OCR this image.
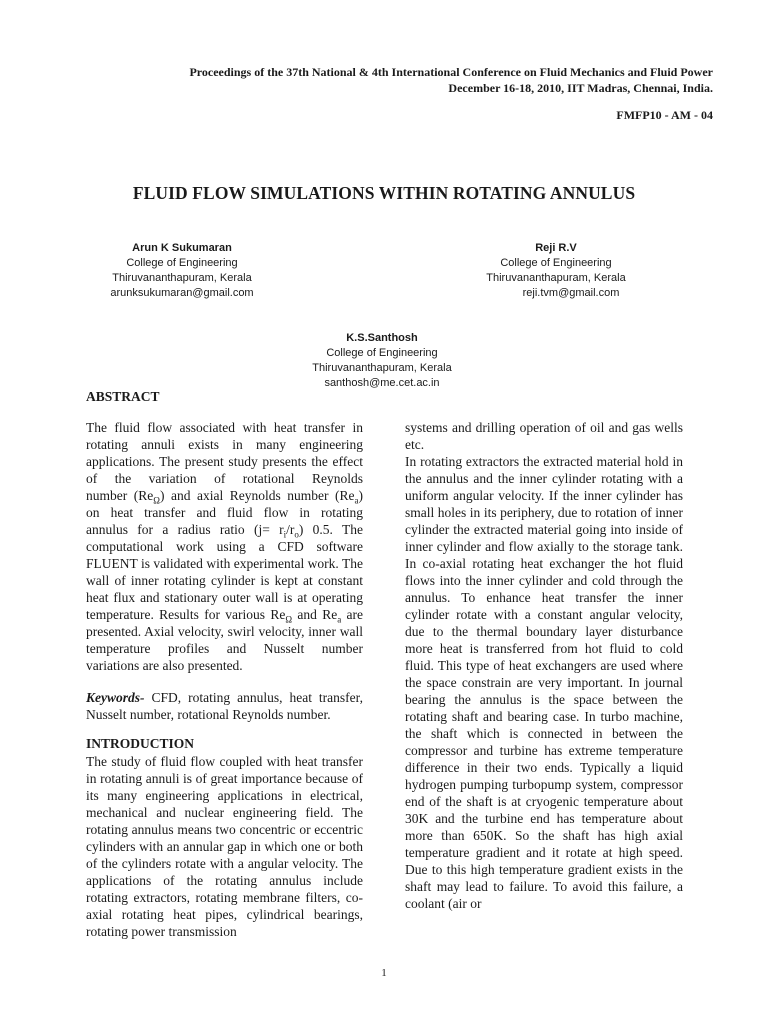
Proceedings of the 37th National & 4th International Conference on Fluid Mechanics and Fluid Power
December 16-18, 2010, IIT Madras, Chennai, India.
FMFP10 - AM - 04
FLUID FLOW SIMULATIONS WITHIN ROTATING ANNULUS
Arun K Sukumaran
College of Engineering
Thiruvananthapuram, Kerala
arunksukumaran@gmail.com
Reji R.V
College of Engineering
Thiruvananthapuram, Kerala
reji.tvm@gmail.com
K.S.Santhosh
College of Engineering
Thiruvananthapuram, Kerala
santhosh@me.cet.ac.in
ABSTRACT
The fluid flow associated with heat transfer in rotating annuli exists in many engineering applications. The present study presents the effect of the variation of rotational Reynolds
number $(Re_\Omega)$ and axial Reynolds number $(Re_a)$
on heat transfer and fluid flow in rotating
annulus for a radius ratio $(j= r_i/r_o)$ 0.5. The computational work using a CFD software FLUENT is validated with experimental work. The wall of inner rotating cylinder is kept at constant heat flux and stationary outer wall is at operating temperature. Results for various $Re_\Omega$ and $Re_a$ are presented. Axial velocity, swirl velocity, inner wall temperature profiles and Nusselt number variations are also presented.
Keywords- CFD, rotating annulus, heat transfer, Nusselt number, rotational Reynolds number.
INTRODUCTION
The study of fluid flow coupled with heat transfer in rotating annuli is of great importance because of its many engineering applications in electrical, mechanical and nuclear engineering field. The rotating annulus means two concentric or eccentric cylinders with an annular gap in which one or both of the cylinders rotate with a angular velocity. The applications of the rotating annulus include rotating extractors, rotating membrane filters, co-axial rotating heat pipes, cylindrical bearings, rotating power transmission
systems and drilling operation of oil and gas wells etc.
In rotating extractors the extracted material hold in the annulus and the inner cylinder rotating with a uniform angular velocity. If the inner cylinder has small holes in its periphery, due to rotation of inner cylinder the extracted material going into inside of inner cylinder and flow axially to the storage tank. In co-axial rotating heat exchanger the hot fluid flows into the inner cylinder and cold through the annulus. To enhance heat transfer the inner cylinder rotate with a constant angular velocity, due to the thermal boundary layer disturbance more heat is transferred from hot fluid to cold fluid. This type of heat exchangers are used where the space constrain are very important. In journal bearing the annulus is the space between the rotating shaft and bearing case. In turbo machine, the shaft which is connected in between the compressor and turbine has extreme temperature difference in their two ends. Typically a liquid hydrogen pumping turbopump system, compressor end of the shaft is at cryogenic temperature about 30K and the turbine end has temperature about more than 650K. So the shaft has high axial temperature gradient and it rotate at high speed. Due to this high temperature gradient exists in the shaft may lead to failure. To avoid this failure, a coolant (air or
1
